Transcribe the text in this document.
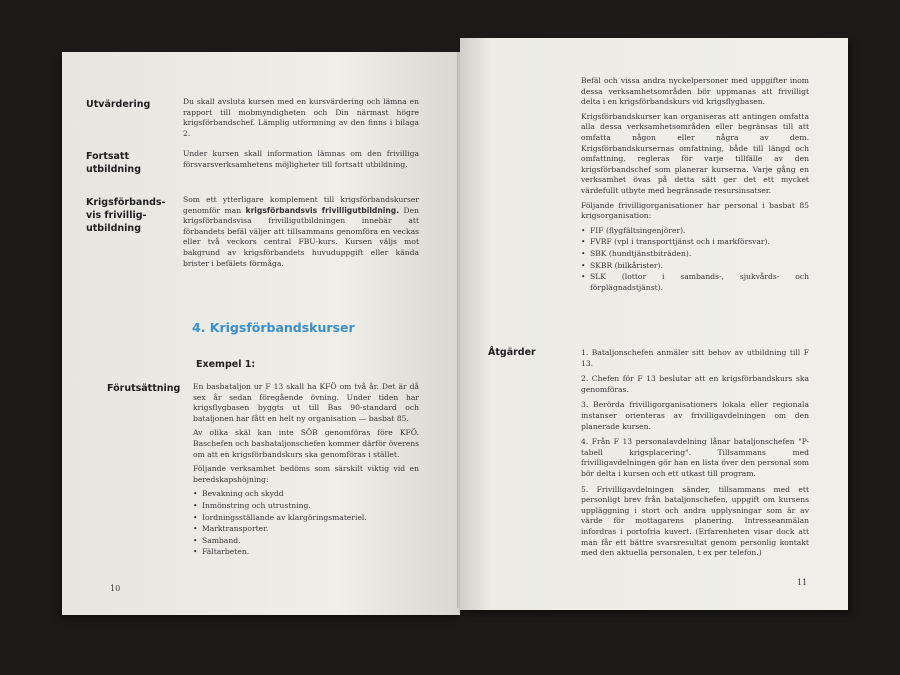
Utvärdering	Du skall avsluta kursen med en kursvärdering och lämna en rapport till mobmyndigheten och Din närmast högre krigsförbandschef. Lämplig utformning av den finns i bilaga 2.

Fortsatt
utbildning

Under kursen skall information lämnas om den frivilliga försvarsverksamhetens möjligheter till fortsatt utbildning.

Krigsförbands-
vis frivillig-
utbildning

Som ett ytterligare komplement till krigsförbandskurser genomför man krigsförbandsvis frivilligutbildning. Den krigsförbandsvisa frivilligutbildningen innebär att förbandets befäl väljer att tillsammans genomföra en veckas eller två veckors central FBU-kurs. Kursen väljs mot bakgrund av krigsförbandets huvuduppgift eller kända brister i befälets förmåga.

4. Krigsförbandskurser
Exempel 1:
Förutsättning En basbataljon ur F 13 skall ha KFÖ om två år. Det är då sex år sedan föregående övning. Under tiden har krigsflygbasen byggts ut till Bas 90-standard och bataljonen har fått en helt ny organisation — basbat 85.

Av olika skäl kan inte SÖB genomföras före KFÖ. Baschefen och basbataljonschefen kommer därför överens om att en krigsförbandskurs ska genomföras i stället.

Följande verksamhet bedöms som särskilt viktig vid en beredskapshöjning:

• Bevakning och skydd
• Inmönstring och utrustning.
• Iordningsställande av klargöringsmateriel.
• Marktransporter.
• Samband.
• Fältarbeten.
10

Befäl och vissa andra nyckelpersoner med uppgifter inom dessa verksamhetsområden bör uppmanas att frivilligt delta i en krigsförbandskurs vid krigsflygbasen.

Krigsförbandskurser kan organiseras att antingen omfatta alla dessa verksamhetsområden eller begränsas till att omfatta någon eller några av dem. Krigsförbandskursernas omfattning, både till längd och omfattning, regleras för varje tillfälle av den krigsförbandschef som planerar kurserna. Varje gång en verksamhet övas på detta sätt ger det ett mycket värdefullt utbyte med begränsade resursinsatser.

Följande frivilligorganisationer har personal i basbat 85 krigsorganisation:

• FIF (flygfältsingenjörer).
• FVRF (vpl i transporttjänst och i markförsvar).
• SBK (hundtjänstbiträden).
• SKBR (bilkårister).
• SLK (lottor i sambands-, sjukvårds- och förplägnadstjänst).
Åtgärder	1. Bataljonschefen anmäler sitt behov av utbildning till F 13.
2. Chefen för F 13 beslutar att en krigsförbandskurs ska genomföras.
3. Berörda frivilligorganisationers lokala eller regionala instanser orienteras av frivilligavdelningen om den planerade kursen.
4. Från F 13 personalavdelning lånar bataljonschefen "P-tabell krigsplacering". Tillsammans med frivilligavdelningen gör han en lista över den personal som bör delta i kursen och ett utkast till program.
5. Frivilligavdelningen sänder, tillsammans med ett personligt brev från bataljonschefen, uppgift om kursens uppläggning i stort och andra upplysningar som är av värde för mottagarens planering. Intresseanmälan infordras i portofria kuvert. (Erfarenheten visar dock att man får ett bättre svarsresultat genom personlig kontakt med den aktuella personalen, t ex per telefon.)
11
